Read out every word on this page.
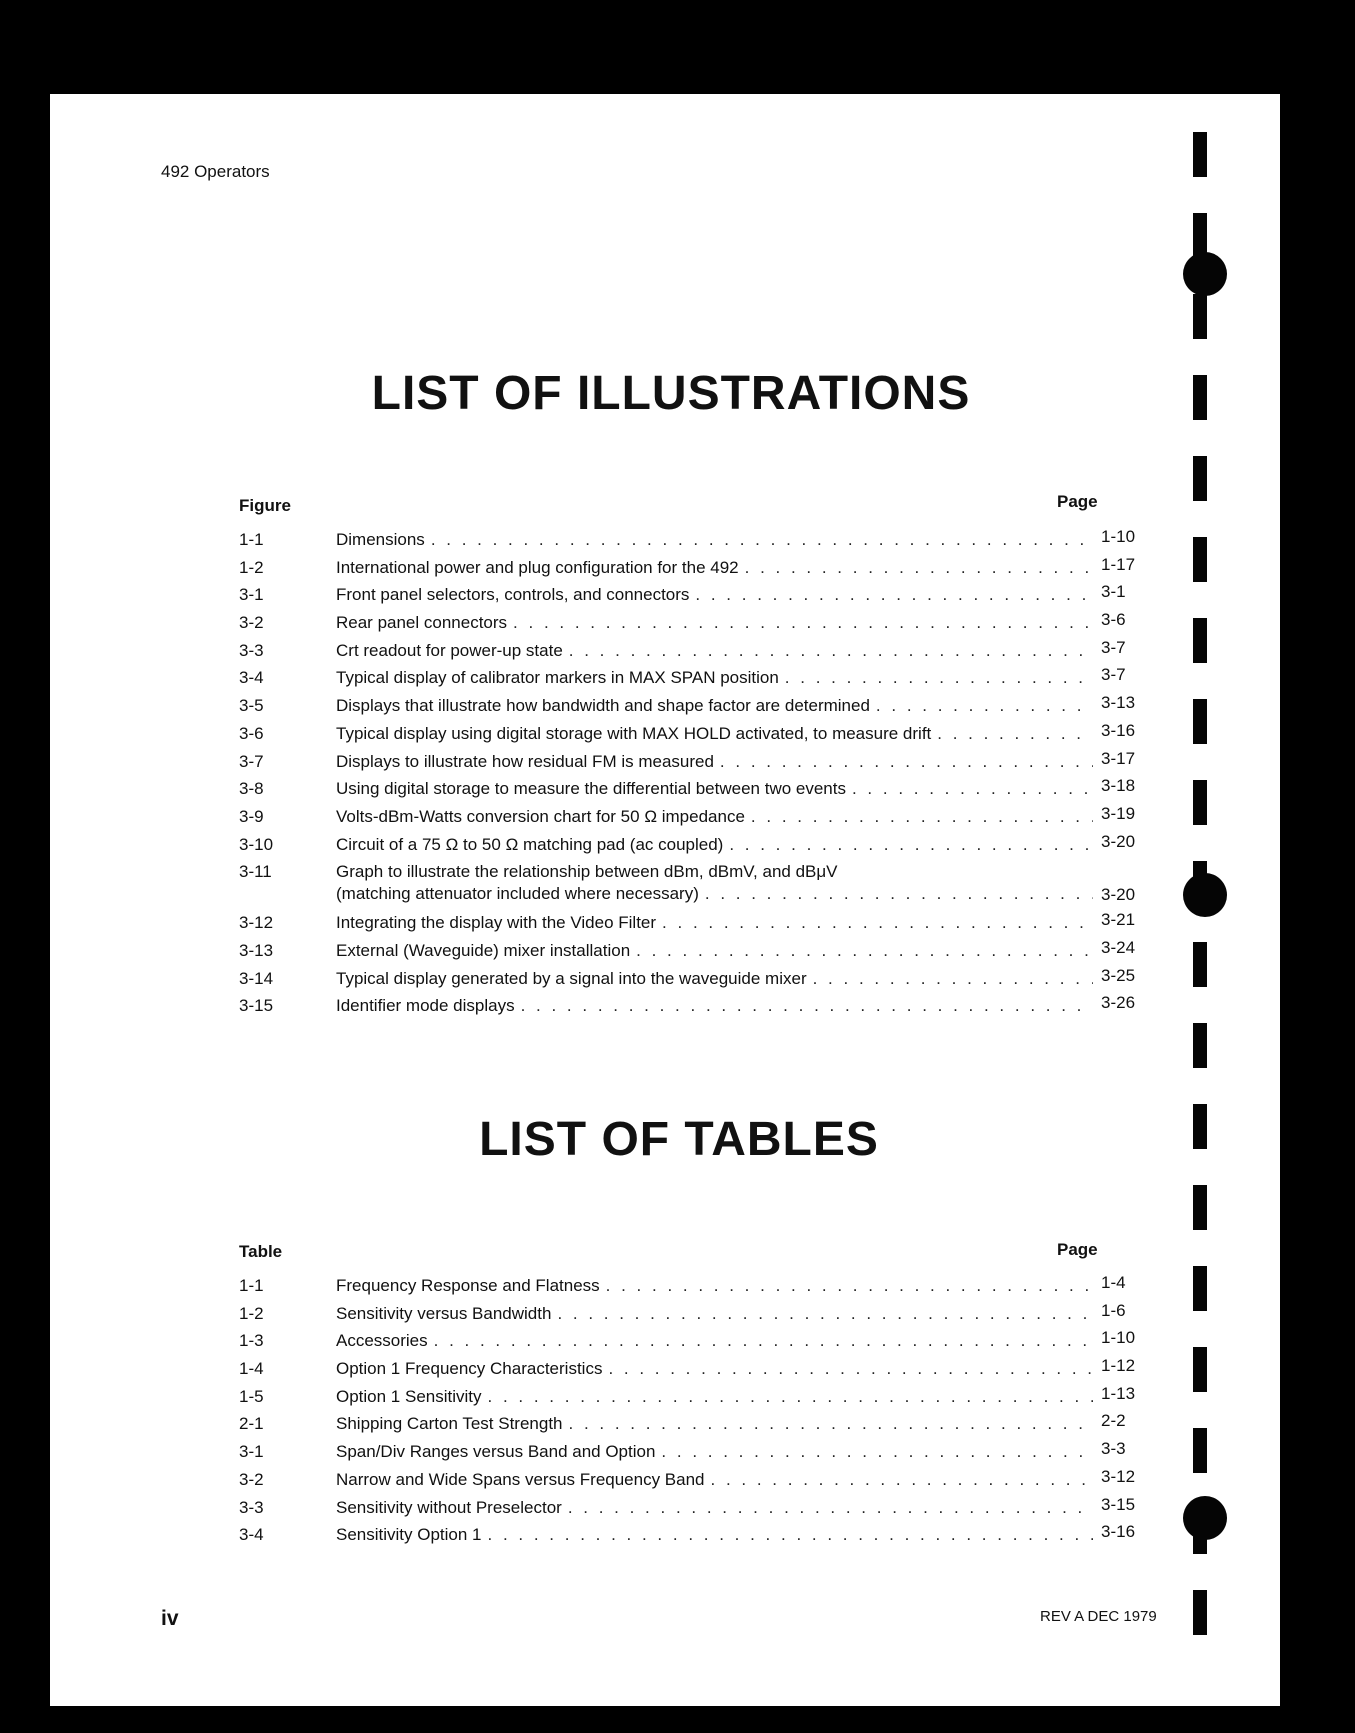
492 Operators
LIST OF ILLUSTRATIONS
Figure	Page
1-1	Dimensions . . .	1-10
1-2	International power and plug configuration for the 492 . . .	1-17
3-1	Front panel selectors, controls, and connectors . . .	3-1
3-2	Rear panel connectors . . .	3-6
3-3	Crt readout for power-up state . . .	3-7
3-4	Typical display of calibrator markers in MAX SPAN position . . .	3-7
3-5	Displays that illustrate how bandwidth and shape factor are determined . . .	3-13
3-6	Typical display using digital storage with MAX HOLD activated, to measure drift . . .	3-16
3-7	Displays to illustrate how residual FM is measured . . .	3-17
3-8	Using digital storage to measure the differential between two events . . .	3-18
3-9	Volts-dBm-Watts conversion chart for 50 Ω impedance . . .	3-19
3-10	Circuit of a 75 Ω to 50 Ω matching pad (ac coupled) . . .	3-20
3-11	Graph to illustrate the relationship between dBm, dBmV, and dBμV
(matching attenuator included where necessary) . . .	3-20
3-12	Integrating the display with the Video Filter . . .	3-21
3-13	External (Waveguide) mixer installation . . .	3-24
3-14	Typical display generated by a signal into the waveguide mixer . . .	3-25
3-15	Identifier mode displays . . .	3-26
LIST OF TABLES
Table	Page
1-1	Frequency Response and Flatness . . .	1-4
1-2	Sensitivity versus Bandwidth . . .	1-6
1-3	Accessories . . .	1-10
1-4	Option 1 Frequency Characteristics . . .	1-12
1-5	Option 1 Sensitivity . . .	1-13
2-1	Shipping Carton Test Strength . . .	2-2
3-1	Span/Div Ranges versus Band and Option . . .	3-3
3-2	Narrow and Wide Spans versus Frequency Band . . .	3-12
3-3	Sensitivity without Preselector . . .	3-15
3-4	Sensitivity Option 1 . . .	3-16
iv	REV A DEC 1979
